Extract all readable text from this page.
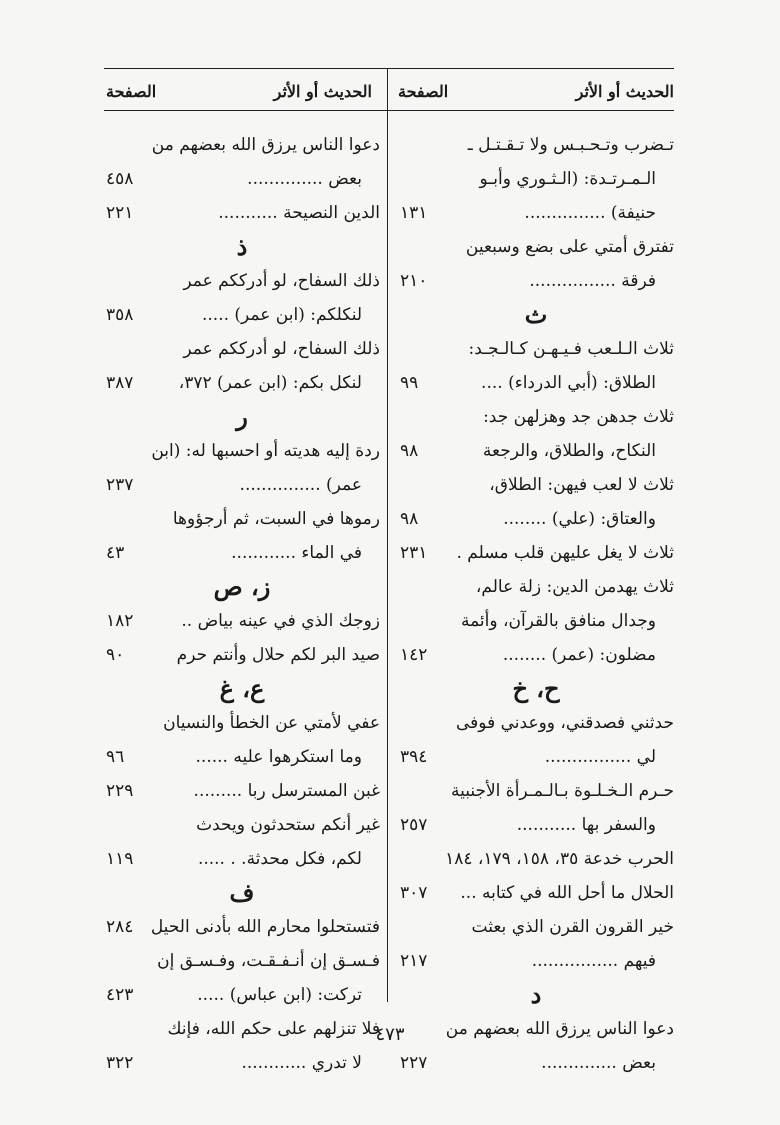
الحديث أو الأثر
الصفحة
الحديث أو الأثر
الصفحة
تـضرب وتـحـبـس ولا تـقـتـل ـ
الـمـرتـدة: (الـثـوري وأبـو
حنيفة) ...............
١٣١
تفترق أمتي على بضع وسبعين
فرقة ................
٢١٠
ث
ثلاث الـلـعب فـيـهـن كـالـجـد:
الطلاق: (أبي الدرداء) ....
٩٩
ثلاث جدهن جد وهزلهن جد:
النكاح، والطلاق، والرجعة
٩٨
ثلاث لا لعب فيهن: الطلاق،
والعتاق: (علي) ........
٩٨
ثلاث لا يغل عليهن قلب مسلم .
٢٣١
ثلاث يهدمن الدين: زلة عالم،
وجدال منافق بالقرآن، وأئمة
مضلون: (عمر) ........
١٤٢
ح، خ
حدثني فصدقني، ووعدني فوفى
لي ................
٣٩٤
حـرم الـخـلـوة بـالـمـرأة الأجنبية
والسفر بها ...........
٢٥٧
الحرب خدعة ٣٥، ١٥٨، ١٧٩، ١٨٤
الحلال ما أحل الله في كتابه ...
٣٠٧
خير القرون القرن الذي بعثت
فيهم ................
٢١٧
د
دعوا الناس يرزق الله بعضهم من
بعض ..............
٢٢٧
دعوا الناس يرزق الله بعضهم من
بعض ..............
٤٥٨
الدين النصيحة ...........
٢٢١
ذ
ذلك السفاح، لو أدرككم عمر
لنكلكم: (ابن عمر) .....
٣٥٨
ذلك السفاح، لو أدرككم عمر
لنكل بكم: (ابن عمر) ٣٧٢،
٣٨٧
ر
ردة إليه هديته أو احسبها له: (ابن
عمر) ...............
٢٣٧
رموها في السبت، ثم أرجؤوها
في الماء ............
٤٣
ز، ص
زوجك الذي في عينه بياض ..
١٨٢
صيد البر لكم حلال وأنتم حرم
٩٠
ع، غ
عفي لأمتي عن الخطأ والنسيان
وما استكرهوا عليه ......
٩٦
غبن المسترسل ربا .........
٢٢٩
غير أنكم ستحدثون ويحدث
لكم، فكل محدثة. . .....
١١٩
ف
فتستحلوا محارم الله بأدنى الحيل
٢٨٤
فـسـق إن أنـفـقـت، وفـسـق إن
تركت: (ابن عباس) .....
٤٢٣
فلا تنزلهم على حكم الله، فإنك
لا تدري ............
٣٢٢
٤٧٣
